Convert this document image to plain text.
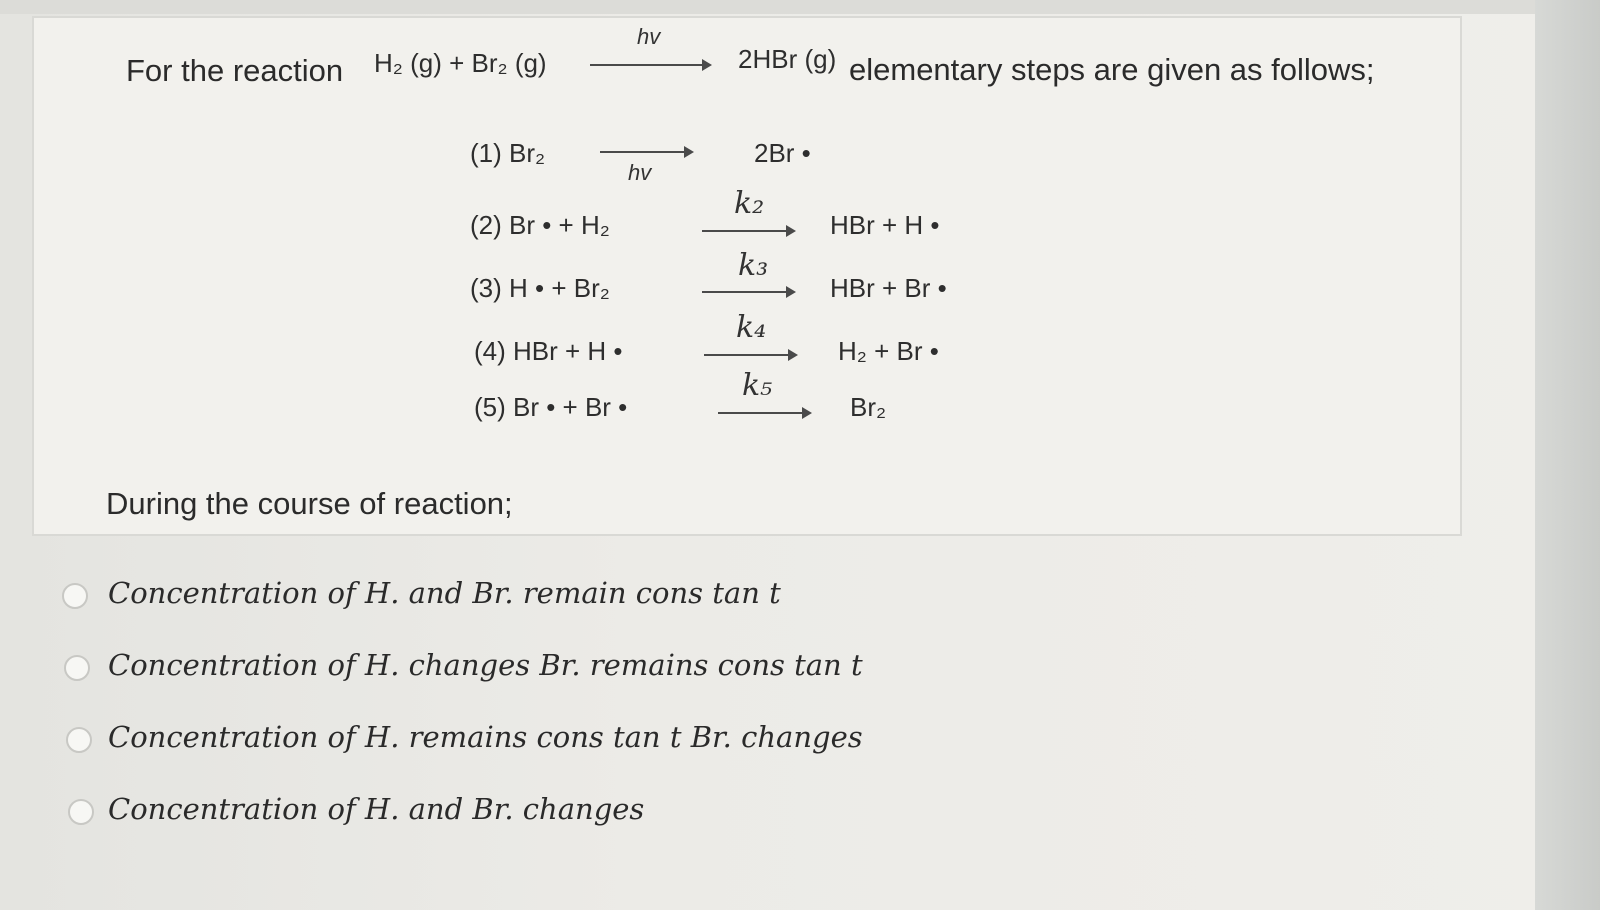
For the reaction H₂ (g) + Br₂ (g)
hv
2HBr (g) elementary steps are given as follows;
(1) Br₂
hv
2Br •
(2) Br • + H₂
k₂
HBr + H •
(3) H • + Br₂
k₃
HBr + Br •
(4) HBr + H •
k₄
H₂ + Br •
(5) Br • + Br •
k₅
Br₂
During the course of reaction;
Concentration of H. and Br. remain cons tan t
Concentration of H. changes Br. remains cons tan t
Concentration of H. remains cons tan t Br. changes
Concentration of H. and Br. changes
